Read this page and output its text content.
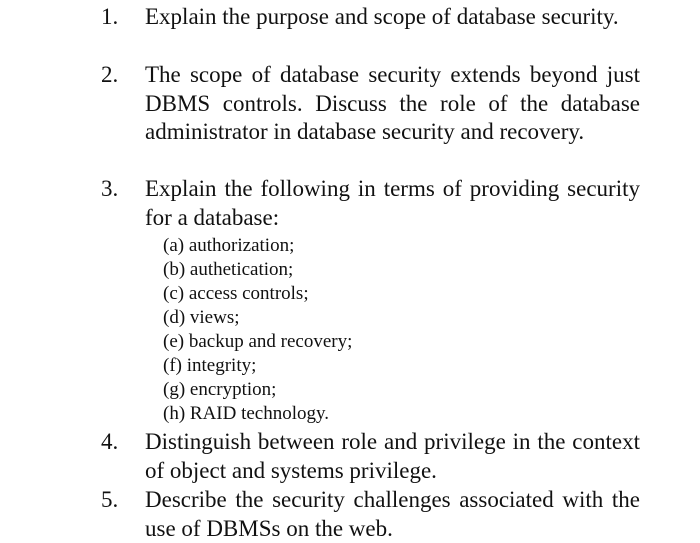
1. Explain the purpose and scope of database security.
2. The scope of database security extends beyond just DBMS controls. Discuss the role of the database administrator in database security and recovery.
3. Explain the following in terms of providing security for a database:
(a) authorization;
(b) authetication;
(c) access controls;
(d) views;
(e) backup and recovery;
(f) integrity;
(g) encryption;
(h) RAID technology.
4. Distinguish between role and privilege in the context of object and systems privilege.
5. Describe the security challenges associated with the use of DBMSs on the web.
